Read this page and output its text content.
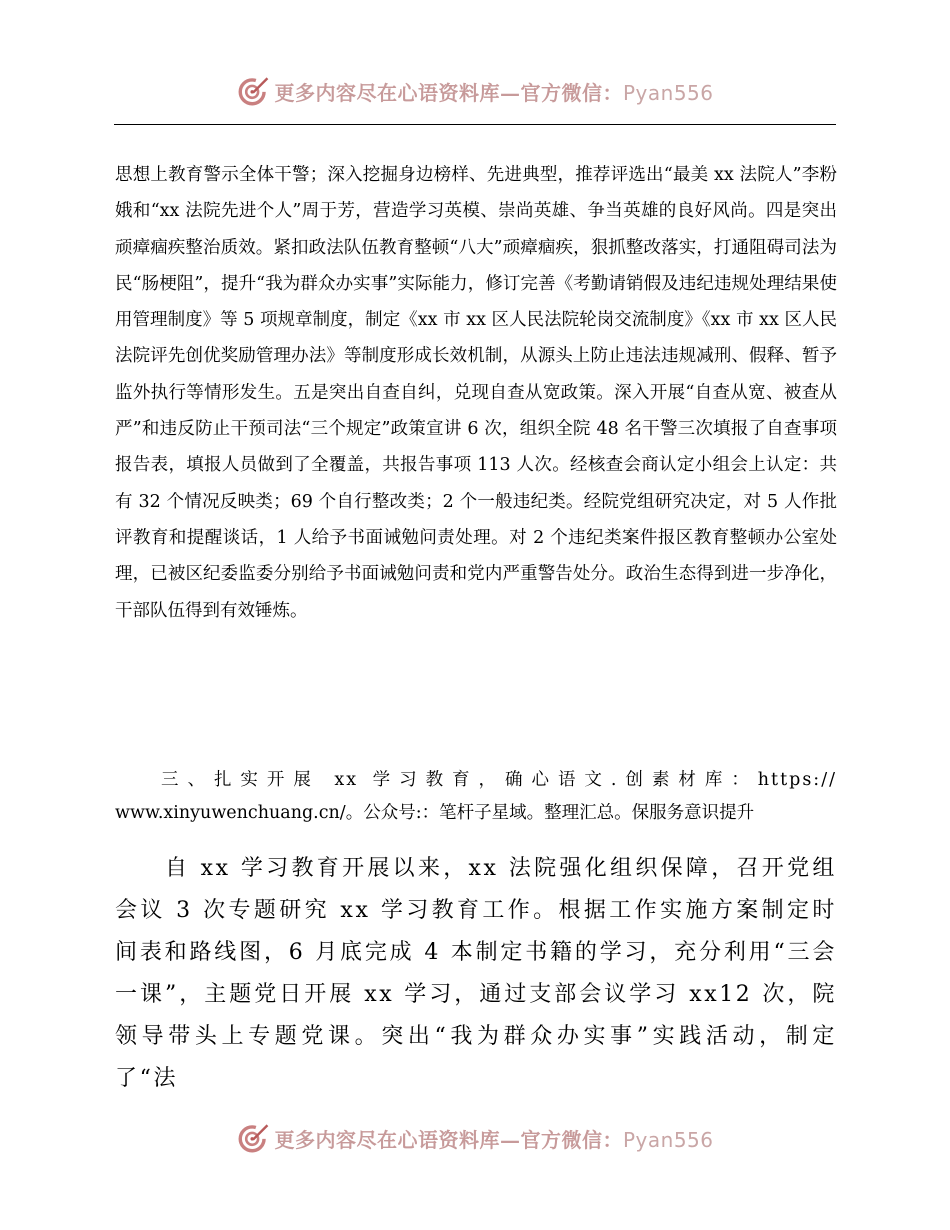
更多内容尽在心语资料库—官方微信：Pyan556
思想上教育警示全体干警；深入挖掘身边榜样、先进典型，推荐评选出“最美 xx 法院人”李粉娥和“xx 法院先进个人”周于芳，营造学习英模、崇尚英雄、争当英雄的良好风尚。四是突出顽瘴痼疾整治质效。紧扣政法队伍教育整顿“八大”顽瘴痼疾，狠抓整改落实，打通阻碍司法为民“肠梗阻”，提升“我为群众办实事”实际能力，修订完善《考勤请销假及违纪违规处理结果使用管理制度》等 5 项规章制度，制定《xx 市 xx 区人民法院轮岗交流制度》《xx 市 xx 区人民法院评先创优奖励管理办法》等制度形成长效机制，从源头上防止违法违规减刑、假释、暂予监外执行等情形发生。五是突出自查自纠，兑现自查从宽政策。深入开展“自查从宽、被查从严”和违反防止干预司法“三个规定”政策宣讲 6 次，组织全院 48 名干警三次填报了自查事项报告表，填报人员做到了全覆盖，共报告事项 113 人次。经核查会商认定小组会上认定：共有 32 个情况反映类；69 个自行整改类；2 个一般违纪类。经院党组研究决定，对 5 人作批评教育和提醒谈话，1 人给予书面诫勉问责处理。对 2 个违纪类案件报区教育整顿办公室处理，已被区纪委监委分别给予书面诫勉问责和党内严重警告处分。政治生态得到进一步净化，干部队伍得到有效锤炼。
三、扎实开展 xx 学习教育，确心语文.创素材库：https://
www.xinyuwenchuang.cn/。公众号:：笔杆子星域。整理汇总。保服务意识提升
自 xx 学习教育开展以来，xx 法院强化组织保障，召开党组会议 3 次专题研究 xx 学习教育工作。根据工作实施方案制定时间表和路线图，6 月底完成 4 本制定书籍的学习，充分利用“三会一课”，主题党日开展 xx 学习，通过支部会议学习 xx12 次，院领导带头上专题党课。突出“我为群众办实事”实践活动，制定了“法
更多内容尽在心语资料库—官方微信：Pyan556
